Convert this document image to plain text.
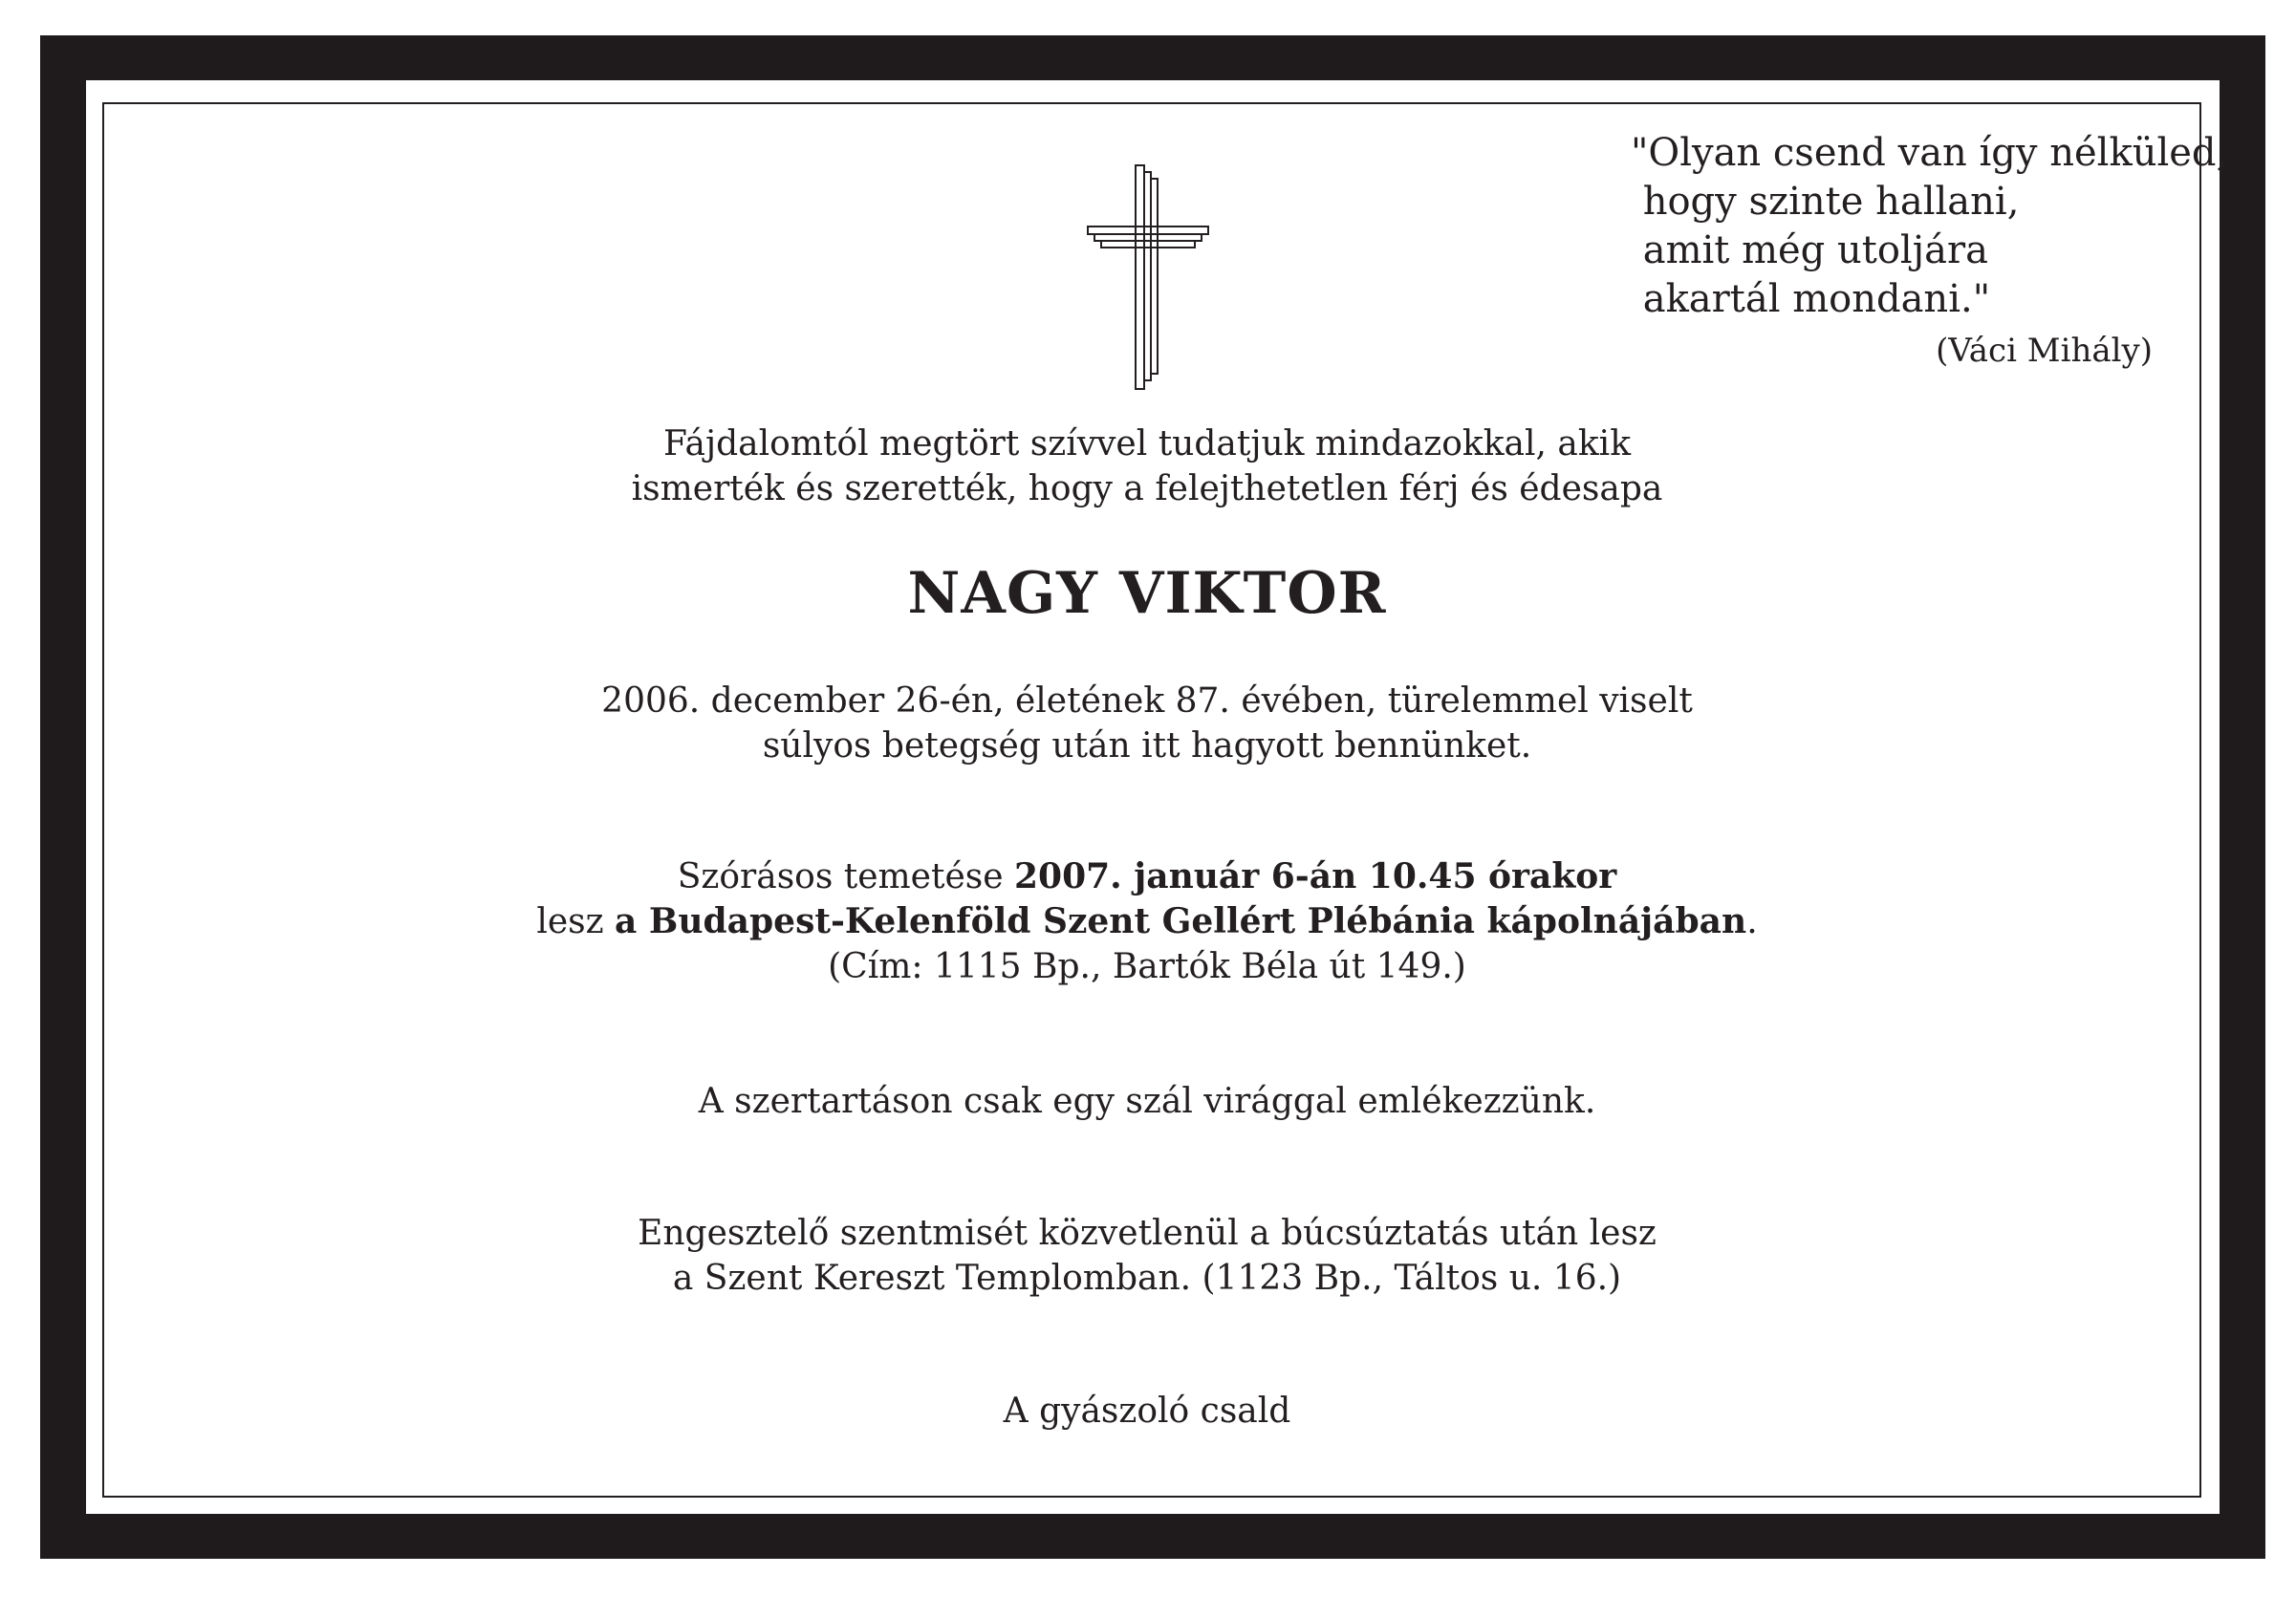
"Olyan csend van így nélküled,
hogy szinte hallani,
amit még utoljára
akartál mondani."
(Váci Mihály)
Fájdalomtól megtört szívvel tudatjuk mindazokkal, akik
ismerték és szerették, hogy a felejthetetlen férj és édesapa
NAGY VIKTOR
2006. december 26-én, életének 87. évében, türelemmel viselt
súlyos betegség után itt hagyott bennünket.
Szórásos temetése 2007. január 6-án 10.45 órakor
lesz a Budapest-Kelenföld Szent Gellért Plébánia kápolnájában.
(Cím: 1115 Bp., Bartók Béla út 149.)
A szertartáson csak egy szál virággal emlékezzünk.
Engesztelő szentmisét közvetlenül a búcsúztatás után lesz
a Szent Kereszt Templomban. (1123 Bp., Táltos u. 16.)
A gyászoló csald
